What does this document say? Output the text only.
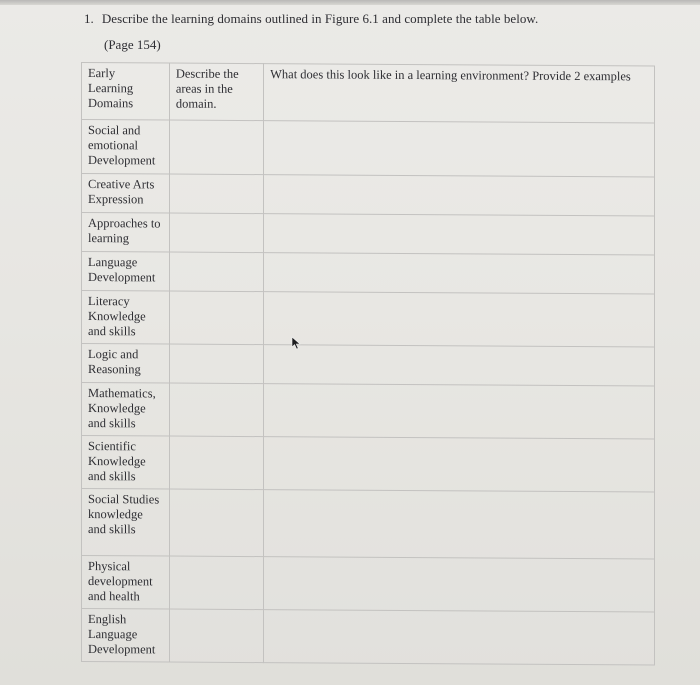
1. Describe the learning domains outlined in Figure 6.1 and complete the table below.
(Page 154)
Early Learning Domains	Describe the areas in the domain.	What does this look like in a learning environment? Provide 2 examples
Social and emotional Development		
Creative Arts Expression		
Approaches to learning		
Language Development		
Literacy Knowledge and skills		
Logic and Reasoning		
Mathematics, Knowledge and skills		
Scientific Knowledge and skills		
Social Studies knowledge and skills		
Physical development and health		
English Language Development		
